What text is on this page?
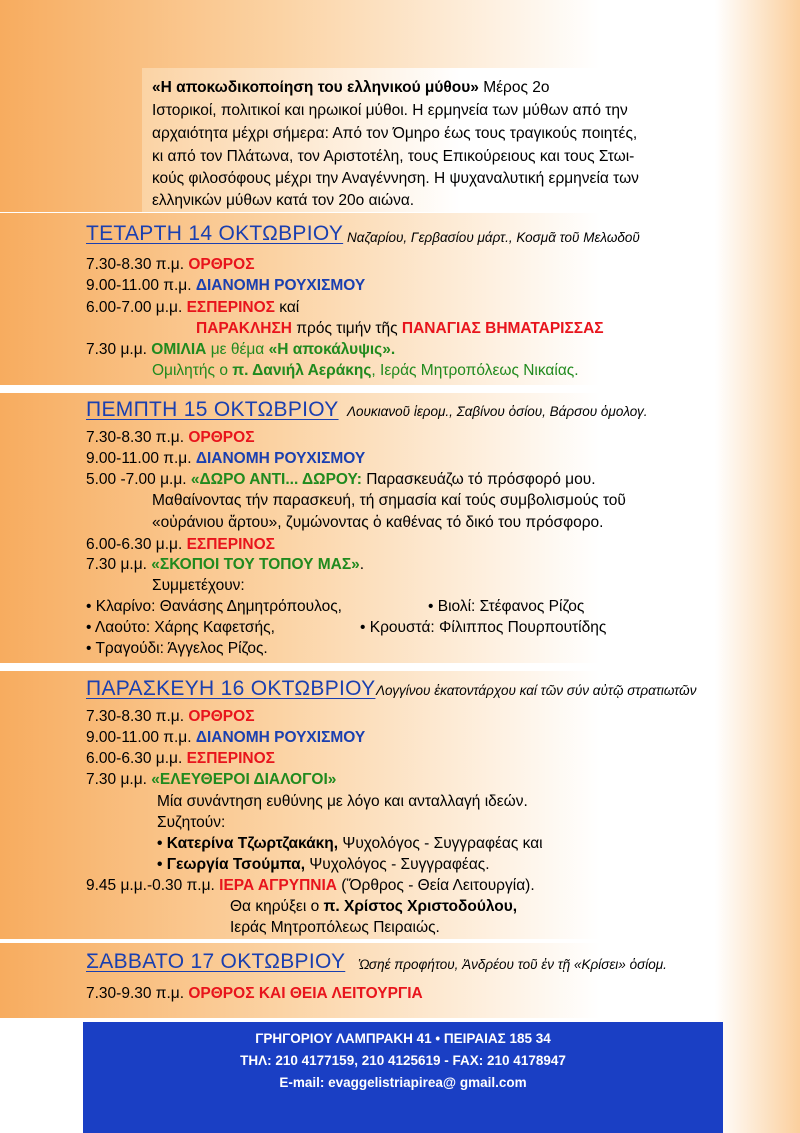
«Η αποκωδικοποίηση του ελληνικού μύθου» Μέρος 2ο
Ιστορικοί, πολιτικοί και ηρωικοί μύθοι. Η ερμηνεία των μύθων από την
αρχαιότητα μέχρι σήμερα: Από τον Όμηρο έως τους τραγικούς ποιητές,
κι από τον Πλάτωνα, τον Αριστοτέλη, τους Επικούρειους και τους Στωι-
κούς φιλοσόφους μέχρι την Αναγέννηση. Η ψυχαναλυτική ερμηνεία των
ελληνικών μύθων κατά τον 20ο αιώνα.
ΤΕΤΑΡΤΗ 14 ΟΚΤΩΒΡΙΟΥ Ναζαρίου, Γερβασίου μάρτ., Κοσμᾶ τοῦ Μελωδοῦ
7.30-8.30 π.μ. ΟΡΘΡΟΣ
9.00-11.00 π.μ. ΔΙΑΝΟΜΗ ΡΟΥΧΙΣΜΟΥ
6.00-7.00 μ.μ. ΕΣΠΕΡΙΝΟΣ καί
ΠΑΡΑΚΛΗΣΗ πρός τιμήν τῆς ΠΑΝΑΓΙΑΣ ΒΗΜΑΤΑΡΙΣΣΑΣ
7.30 μ.μ. ΟΜΙΛΙΑ με θέμα «Η αποκάλυψις».
Ομιλητής ο π. Δανιήλ Αεράκης, Ιεράς Μητροπόλεως Νικαίας.
ΠΕΜΠΤΗ 15 ΟΚΤΩΒΡΙΟΥ Λουκιανοῦ ἱερομ., Σαβίνου ὁσίου, Βάρσου ὁμολογ.
7.30-8.30 π.μ. ΟΡΘΡΟΣ
9.00-11.00 π.μ. ΔΙΑΝΟΜΗ ΡΟΥΧΙΣΜΟΥ
5.00 -7.00 μ.μ. «ΔΩΡΟ ΑΝΤΙ... ΔΩΡΟΥ: Παρασκευάζω τό πρόσφορό μου.
Μαθαίνοντας τήν παρασκευή, τή σημασία καί τούς συμβολισμούς τοῦ
«οὐράνιου ἄρτου», ζυμώνοντας ὁ καθένας τό δικό του πρόσφορο.
6.00-6.30 μ.μ. ΕΣΠΕΡΙΝΟΣ
7.30 μ.μ. «ΣΚΟΠΟΙ ΤΟΥ ΤΟΠΟΥ ΜΑΣ».
Συμμετέχουν:
• Κλαρίνο: Θανάσης Δημητρόπουλος,	• Βιολί: Στέφανος Ρίζος
• Λαούτο: Χάρης Καφετσής,	• Κρουστά: Φίλιππος Πουρπουτίδης
• Τραγούδι: Άγγελος Ρίζος.
ΠΑΡΑΣΚΕΥΗ 16 ΟΚΤΩΒΡΙΟΥ Λογγίνου ἑκατοντάρχου καί τῶν σύν αὐτῷ στρατιωτῶν
7.30-8.30 π.μ. ΟΡΘΡΟΣ
9.00-11.00 π.μ. ΔΙΑΝΟΜΗ ΡΟΥΧΙΣΜΟΥ
6.00-6.30 μ.μ. ΕΣΠΕΡΙΝΟΣ
7.30 μ.μ. «ΕΛΕΥΘΕΡΟΙ ΔΙΑΛΟΓΟΙ»
Μία συνάντηση ευθύνης με λόγο και ανταλλαγή ιδεών.
Συζητούν:
• Κατερίνα Τζωρτζακάκη, Ψυχολόγος - Συγγραφέας και
• Γεωργία Τσούμπα, Ψυχολόγος - Συγγραφέας.
9.45 μ.μ.-0.30 π.μ. ΙΕΡΑ ΑΓΡΥΠΝΙΑ (Ὄρθρος - Θεία Λειτουργία).
Θα κηρύξει ο π. Χρίστος Χριστοδούλου,
Ιεράς Μητροπόλεως Πειραιώς.
ΣΑΒΒΑΤΟ 17 ΟΚΤΩΒΡΙΟΥ Ὡσηέ προφήτου, Ἀνδρέου τοῦ ἐν τῇ «Κρίσει» ὁσίομ.
7.30-9.30 π.μ. ΟΡΘΡΟΣ ΚΑΙ ΘΕΙΑ ΛΕΙΤΟΥΡΓΙΑ
ΓΡΗΓΟΡΙΟΥ ΛΑΜΠΡΑΚΗ 41 • ΠΕΙΡΑΙΑΣ 185 34
ΤΗΛ: 210 4177159, 210 4125619 - FAX: 210 4178947
E-mail: evaggelistriapirea@ gmail.com
